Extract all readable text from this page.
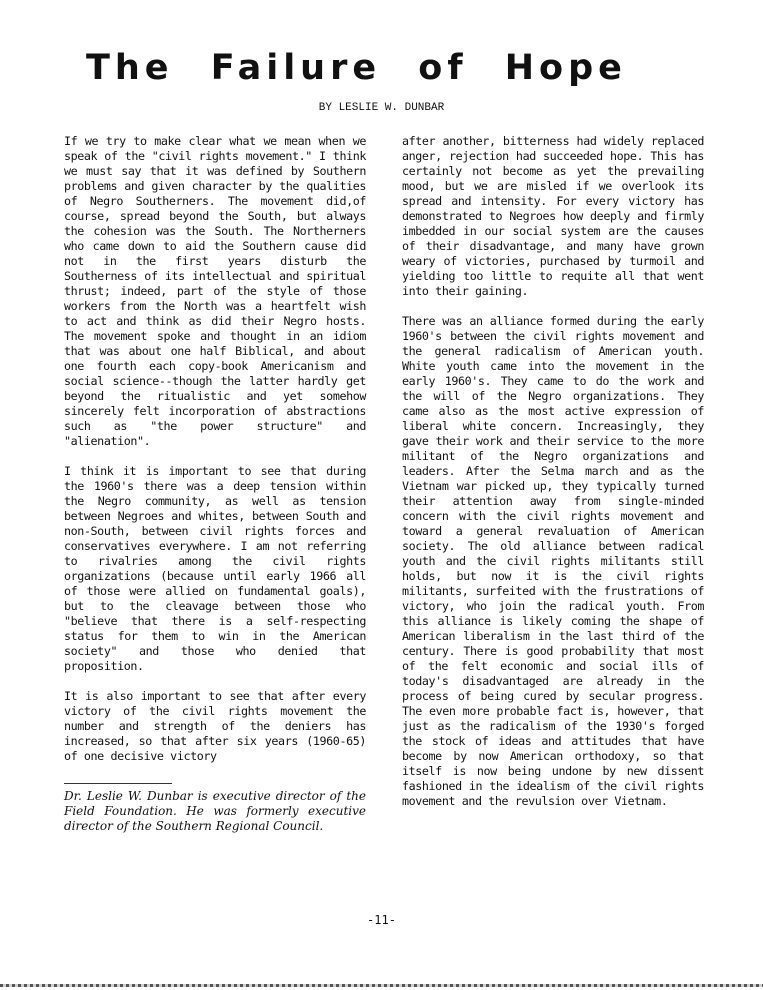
The Failure of Hope
BY LESLIE W. DUNBAR

If we try to make clear what we mean when we speak of the "civil rights movement." I think we must say that it was defined by Southern problems and given character by the qualities of Negro Southerners. The movement did,of course, spread beyond the South, but always the cohesion was the South. The Northerners who came down to aid the Southern cause did not in the first years disturb the Southerness of its intellectual and spiritual thrust; indeed, part of the style of those workers from the North was a heartfelt wish to act and think as did their Negro hosts. The movement spoke and thought in an idiom that was about one half Biblical, and about one fourth each copy-book Americanism and social science--though the latter hardly get beyond the ritualistic and yet somehow sincerely felt incorporation of abstractions such as "the power structure" and "alienation".

I think it is important to see that during the 1960's there was a deep tension within the Negro community, as well as tension between Negroes and whites, between South and non-South, between civil rights forces and conservatives everywhere. I am not referring to rivalries among the civil rights organizations (because until early 1966 all of those were allied on fundamental goals), but to the cleavage between those who "believe that there is a self-respecting status for them to win in the American society" and those who denied that proposition.

It is also important to see that after every victory of the civil rights movement the number and strength of the deniers has increased, so that after six years (1960-65) of one decisive victory

Dr. Leslie W. Dunbar is executive director of the Field Foundation. He was formerly executive director of the Southern Regional Council.

after another, bitterness had widely replaced anger, rejection had succeeded hope. This has certainly not become as yet the prevailing mood, but we are misled if we overlook its spread and intensity. For every victory has demonstrated to Negroes how deeply and firmly imbedded in our social system are the causes of their disadvantage, and many have grown weary of victories, purchased by turmoil and yielding too little to requite all that went into their gaining.

There was an alliance formed during the early 1960's between the civil rights movement and the general radicalism of American youth. White youth came into the movement in the early 1960's. They came to do the work and the will of the Negro organizations. They came also as the most active expression of liberal white concern. Increasingly, they gave their work and their service to the more militant of the Negro organizations and leaders. After the Selma march and as the Vietnam war picked up, they typically turned their attention away from single-minded concern with the civil rights movement and toward a general revaluation of American society. The old alliance between radical youth and the civil rights militants still holds, but now it is the civil rights militants, surfeited with the frustrations of victory, who join the radical youth. From this alliance is likely coming the shape of American liberalism in the last third of the century. There is good probability that most of the felt economic and social ills of today's disadvantaged are already in the process of being cured by secular progress. The even more probable fact is, however, that just as the radicalism of the 1930's forged the stock of ideas and attitudes that have become by now American orthodoxy, so that itself is now being undone by new dissent fashioned in the idealism of the civil rights movement and the revulsion over Vietnam.

-11-
